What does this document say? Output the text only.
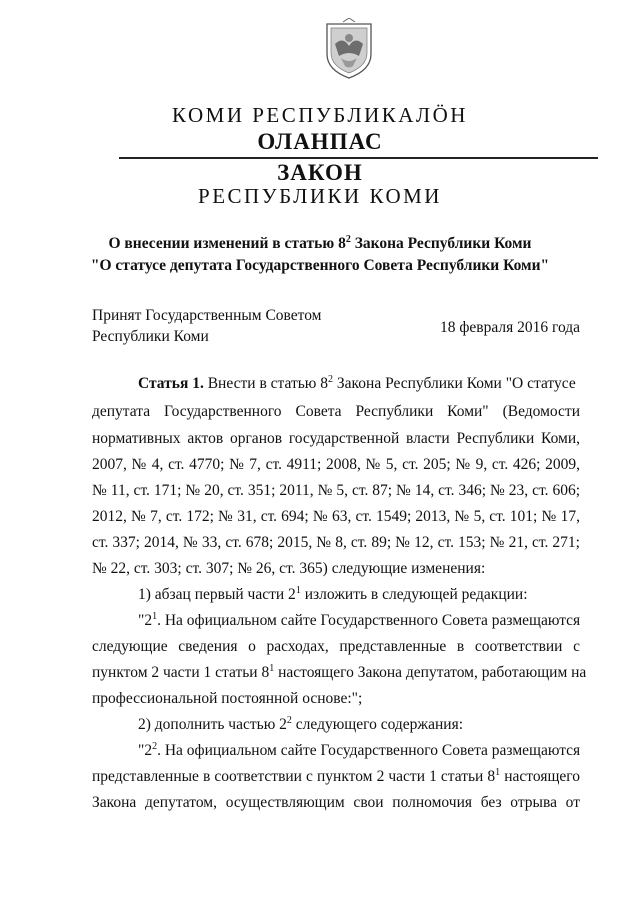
КОМИ РЕСПУБЛИКАЛӦН
ОЛАНПАС
ЗАКОН
РЕСПУБЛИКИ КОМИ
О внесении изменений в статью $8^2$ Закона Республики Коми
"О статусе депутата Государственного Совета Республики Коми"
Принят Государственным Советом
Республики Коми
18 февраля 2016 года
Статья 1. Внести в статью $8^2$ Закона Республики Коми "О статусе
депутата Государственного Совета Республики Коми" (Ведомости
нормативных актов органов государственной власти Республики Коми,
2007, № 4, ст. 4770; № 7, ст. 4911; 2008, № 5, ст. 205; № 9, ст. 426; 2009,
№ 11, ст. 171; № 20, ст. 351; 2011, № 5, ст. 87; № 14, ст. 346; № 23, ст. 606;
2012, № 7, ст. 172; № 31, ст. 694; № 63, ст. 1549; 2013, № 5, ст. 101; № 17,
ст. 337; 2014, № 33, ст. 678; 2015, № 8, ст. 89; № 12, ст. 153; № 21, ст. 271;
№ 22, ст. 303; ст. 307; № 26, ст. 365) следующие изменения:
1) абзац первый части $2^1$ изложить в следующей редакции:
"$2^1$. На официальном сайте Государственного Совета размещаются
следующие сведения о расходах, представленные в соответствии с
пунктом 2 части 1 статьи $8^1$ настоящего Закона депутатом, работающим на
профессиональной постоянной основе:";
2) дополнить частью $2^2$ следующего содержания:
"$2^2$. На официальном сайте Государственного Совета размещаются
представленные в соответствии с пунктом 2 части 1 статьи $8^1$ настоящего
Закона депутатом, осуществляющим свои полномочия без отрыва от
